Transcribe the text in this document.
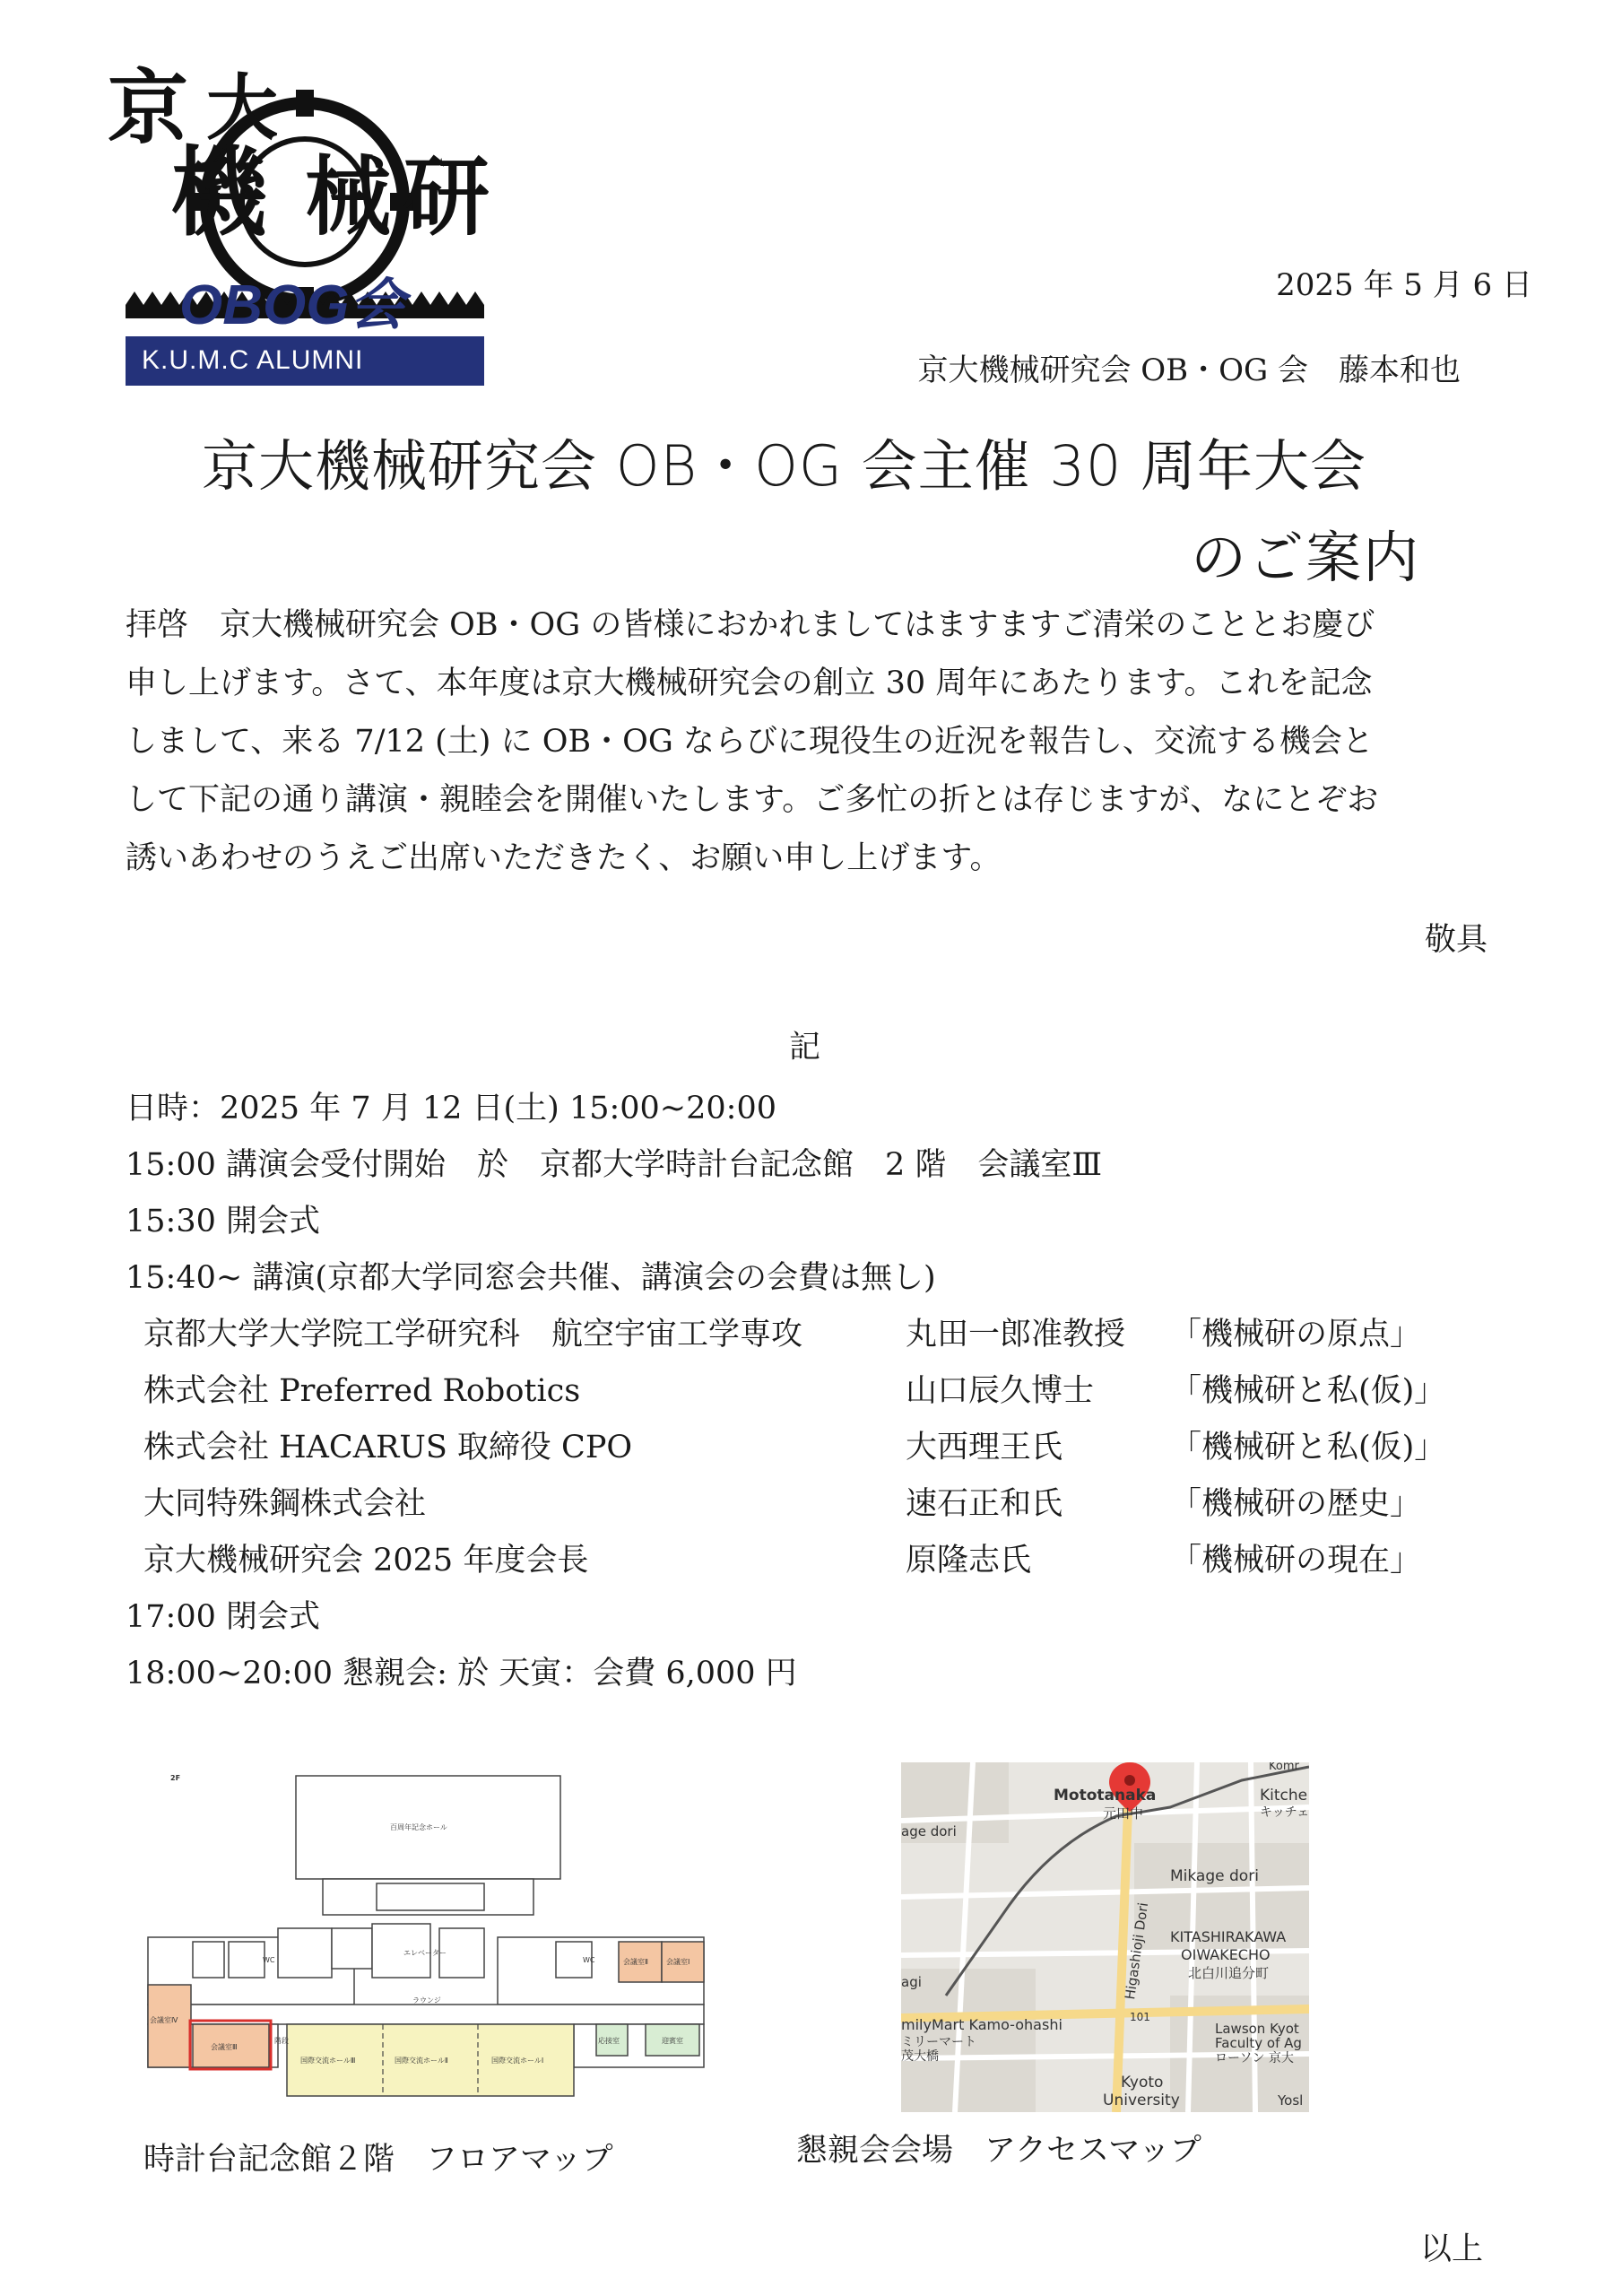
京 大
機 械 研
OBOG会
K.U.M.C ALUMNI
2025 年 5 月 6 日
京大機械研究会 OB・OG 会　藤本和也
京大機械研究会 OB・OG 会主催 30 周年大会
のご案内

拝啓　京大機械研究会 OB・OG の皆様におかれましてはますますご清栄のこととお慶び

申し上げます。さて、本年度は京大機械研究会の創立 30 周年にあたります。これを記念

しまして、来る 7/12 (土) に OB・OG ならびに現役生の近況を報告し、交流する機会と

して下記の通り講演・親睦会を開催いたします。ご多忙の折とは存じますが、なにとぞお

誘いあわせのうえご出席いただきたく、お願い申し上げます。

敬具
記
日時：2025 年 7 月 12 日(土) 15:00~20:00
15:00 講演会受付開始　於　京都大学時計台記念館　2 階　会議室Ⅲ
15:30 開会式
15:40~ 講演(京都大学同窓会共催、講演会の会費は無し)
京都大学大学院工学研究科　航空宇宙工学専攻	丸田一郎准教授 「機械研の原点」
株式会社 Preferred Robotics	山口辰久博士 「機械研と私(仮)」
株式会社 HACARUS 取締役 CPO	大西理王氏	「機械研と私(仮)」
大同特殊鋼株式会社	速石正和氏	「機械研の歴史」
京大機械研究会 2025 年度会長	原隆志氏	「機械研の現在」
17:00 閉会式
18:00~20:00 懇親会: 於 天寅：会費 6,000 円
2F
百周年記念ホール
ラウンジ
エレベーター
WC	WC
会議室Ⅳ
会議室Ⅲ
会議室Ⅱ	会議室Ⅰ
階段	応接室	迎賓室
国際交流ホールⅢ	国際交流ホールⅡ	国際交流ホールⅠ
Mototanaka
元田中
Kitche
キッチェ
Mikage dori
age dori
Higashioji Dori KITASHIRAKAWA
OIWAKECHO
北白川追分町
milyMart Kamo-ohashi
ミリーマート
茂大橋
Lawson Kyot
Faculty of Ag
ローソン 京大
101
Kyoto
University	Yosl
agi
Komr
時計台記念館２階　フロアマップ	懇親会会場　アクセスマップ
以上
